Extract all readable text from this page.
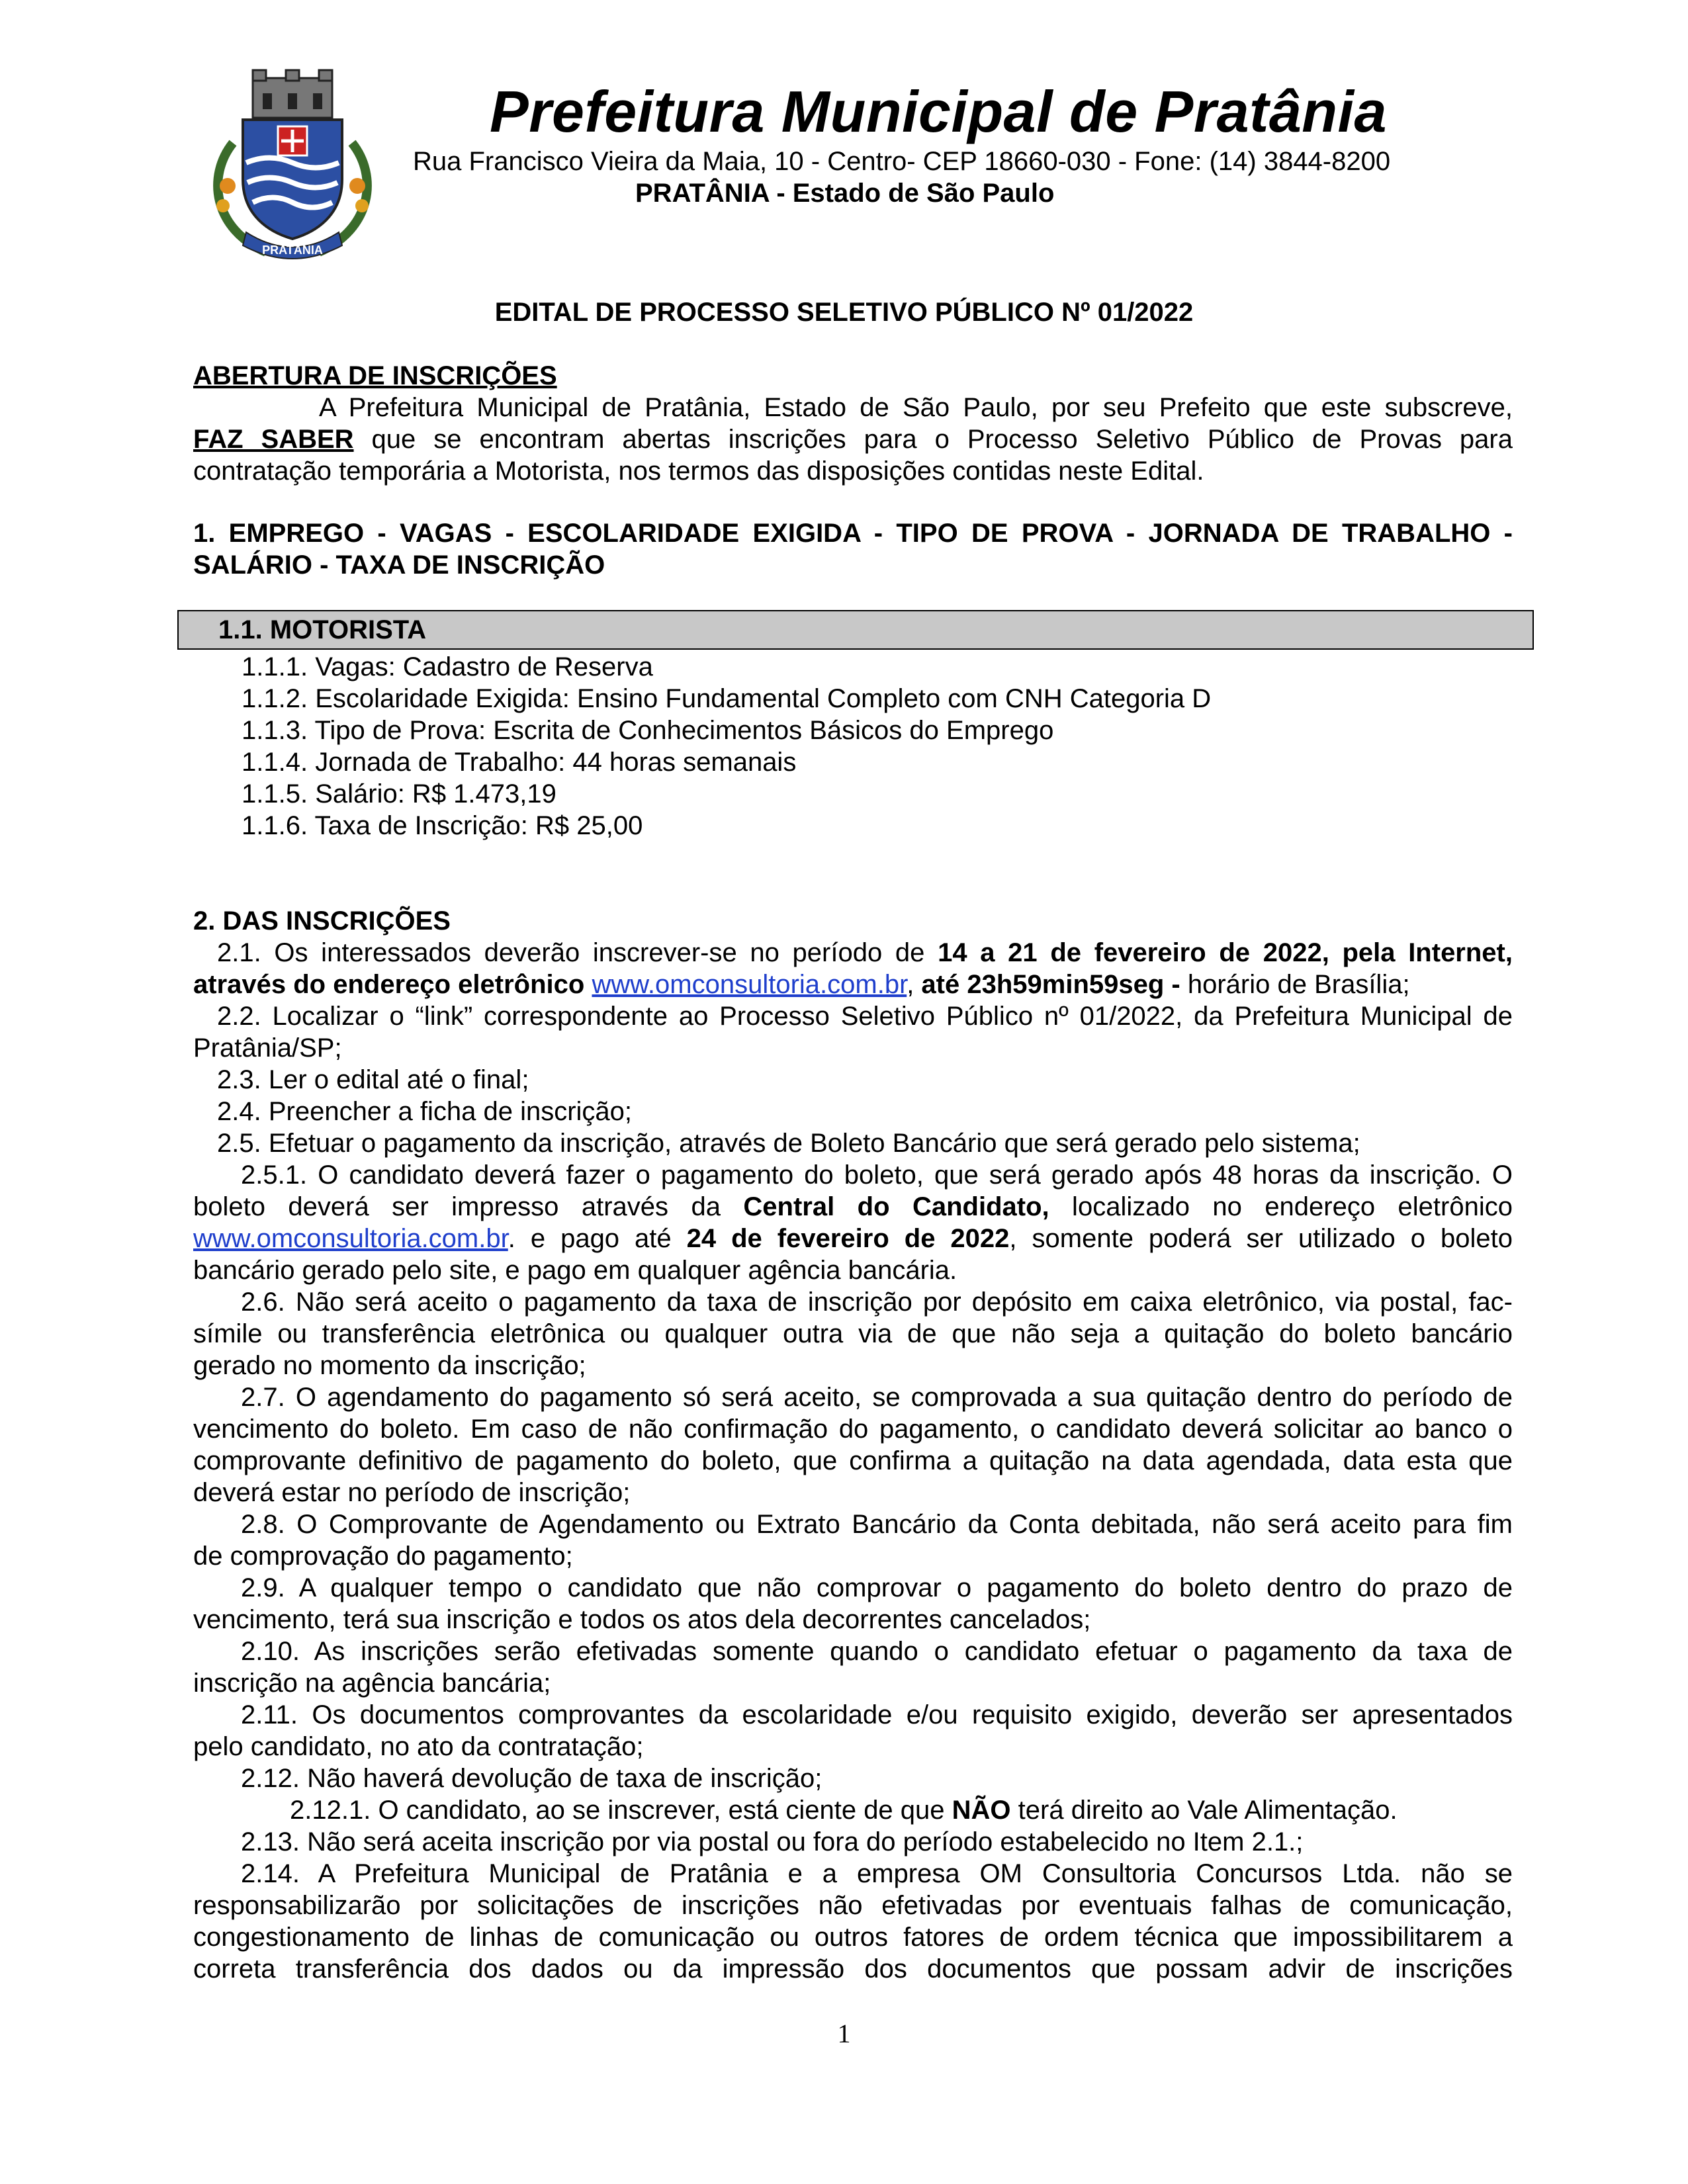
PRATÂNIA
Prefeitura Municipal de Pratânia
Rua Francisco Vieira da Maia, 10 - Centro- CEP 18660-030 - Fone: (14) 3844-8200
PRATÂNIA - Estado de São Paulo
EDITAL DE PROCESSO SELETIVO PÚBLICO Nº 01/2022
ABERTURA DE INSCRIÇÕES
A Prefeitura Municipal de Pratânia, Estado de São Paulo, por seu Prefeito que este subscreve,
FAZ SABER que se encontram abertas inscrições para o Processo Seletivo Público de Provas para
contratação temporária a Motorista, nos termos das disposições contidas neste Edital.
1. EMPREGO - VAGAS - ESCOLARIDADE EXIGIDA - TIPO DE PROVA - JORNADA DE TRABALHO -
SALÁRIO - TAXA DE INSCRIÇÃO
1.1. MOTORISTA
1.1.1. Vagas: Cadastro de Reserva
1.1.2. Escolaridade Exigida: Ensino Fundamental Completo com CNH Categoria D
1.1.3. Tipo de Prova: Escrita de Conhecimentos Básicos do Emprego
1.1.4. Jornada de Trabalho: 44 horas semanais
1.1.5. Salário: R$ 1.473,19
1.1.6. Taxa de Inscrição: R$ 25,00
2. DAS INSCRIÇÕES
2.1. Os interessados deverão inscrever-se no período de 14 a 21 de fevereiro de 2022, pela Internet,
através do endereço eletrônico www.omconsultoria.com.br, até 23h59min59seg - horário de Brasília;
2.2. Localizar o “link” correspondente ao Processo Seletivo Público nº 01/2022, da Prefeitura Municipal de
Pratânia/SP;
2.3. Ler o edital até o final;
2.4. Preencher a ficha de inscrição;
2.5. Efetuar o pagamento da inscrição, através de Boleto Bancário que será gerado pelo sistema;
2.5.1. O candidato deverá fazer o pagamento do boleto, que será gerado após 48 horas da inscrição. O
boleto deverá ser impresso através da Central do Candidato, localizado no endereço eletrônico
www.omconsultoria.com.br. e pago até 24 de fevereiro de 2022, somente poderá ser utilizado o boleto
bancário gerado pelo site, e pago em qualquer agência bancária.
2.6. Não será aceito o pagamento da taxa de inscrição por depósito em caixa eletrônico, via postal, fac-
símile ou transferência eletrônica ou qualquer outra via de que não seja a quitação do boleto bancário
gerado no momento da inscrição;
2.7. O agendamento do pagamento só será aceito, se comprovada a sua quitação dentro do período de
vencimento do boleto. Em caso de não confirmação do pagamento, o candidato deverá solicitar ao banco o
comprovante definitivo de pagamento do boleto, que confirma a quitação na data agendada, data esta que
deverá estar no período de inscrição;
2.8. O Comprovante de Agendamento ou Extrato Bancário da Conta debitada, não será aceito para fim
de comprovação do pagamento;
2.9. A qualquer tempo o candidato que não comprovar o pagamento do boleto dentro do prazo de
vencimento, terá sua inscrição e todos os atos dela decorrentes cancelados;
2.10. As inscrições serão efetivadas somente quando o candidato efetuar o pagamento da taxa de
inscrição na agência bancária;
2.11. Os documentos comprovantes da escolaridade e/ou requisito exigido, deverão ser apresentados
pelo candidato, no ato da contratação;
2.12. Não haverá devolução de taxa de inscrição;
2.12.1. O candidato, ao se inscrever, está ciente de que NÃO terá direito ao Vale Alimentação.
2.13. Não será aceita inscrição por via postal ou fora do período estabelecido no Item 2.1.;
2.14. A Prefeitura Municipal de Pratânia e a empresa OM Consultoria Concursos Ltda. não se
responsabilizarão por solicitações de inscrições não efetivadas por eventuais falhas de comunicação,
congestionamento de linhas de comunicação ou outros fatores de ordem técnica que impossibilitarem a
correta transferência dos dados ou da impressão dos documentos que possam advir de inscrições
1
